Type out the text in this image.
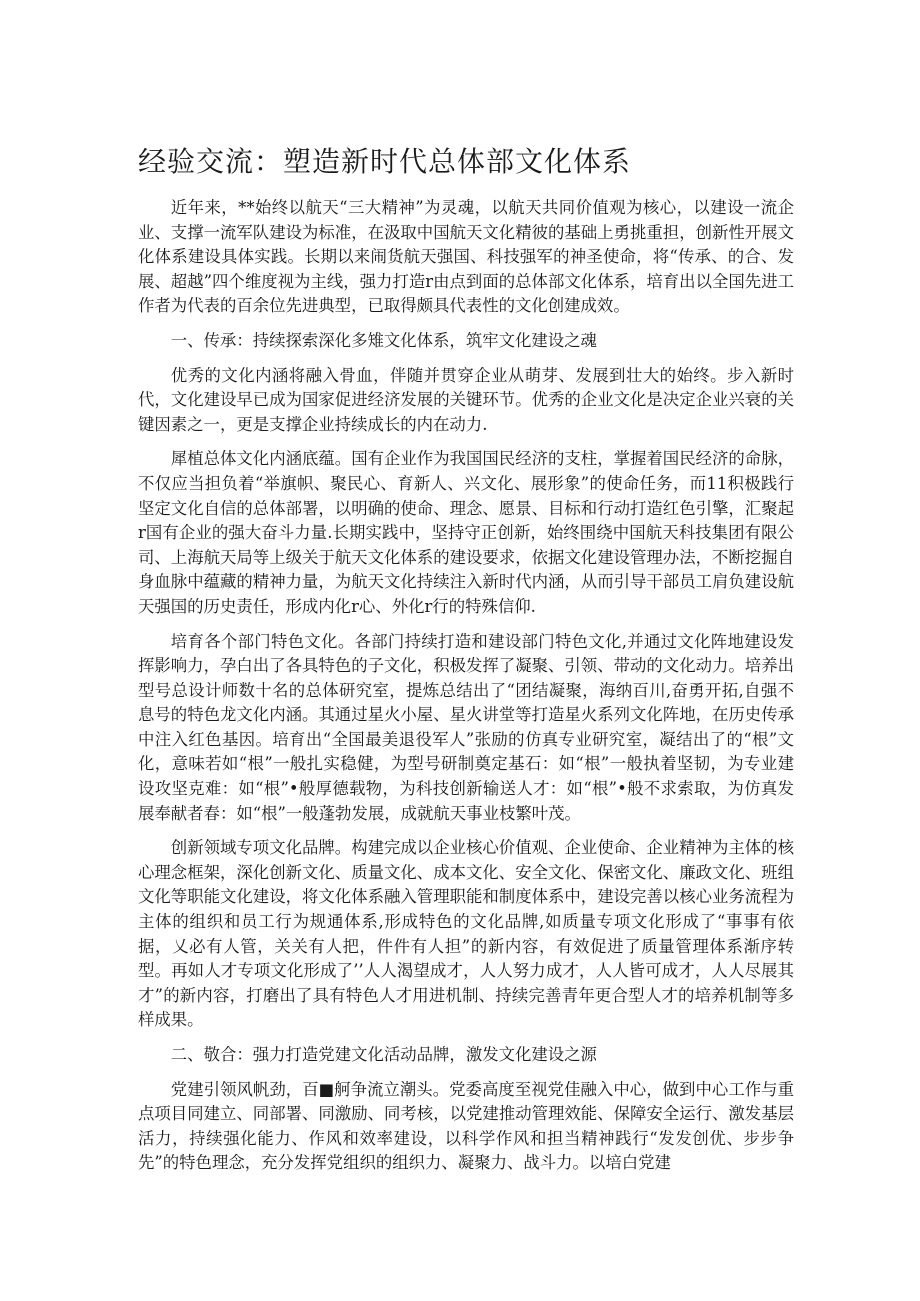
经验交流：塑造新时代总体部文化体系

近年来，**始终以航天“三大精神”为灵魂，以航天共同价值观为核心，以建设一流企业、支撑一流军队建设为标准，在汲取中国航天文化精彼的基础上勇挑重担，创新性开展文化体系建设具体实践。长期以来闹货航天强国、科技强军的神圣使命，将“传承、的合、发展、超越”四个维度视为主线，强力打造r由点到面的总体部文化体系，培育出以全国先进工作者为代表的百余位先进典型，已取得颇具代表性的文化创建成效。

一、传承：持续探索深化多雉文化体系，筑牢文化建设之魂

优秀的文化内涵将融入骨血，伴随并贯穿企业从萌芽、发展到壮大的始终。步入新时代，文化建设早已成为国家促进经济发展的关键环节。优秀的企业文化是决定企业兴衰的关键因素之一，更是支撑企业持续成长的内在动力.

犀植总体文化内涵底蕴。国有企业作为我国国民经济的支柱，掌握着国民经济的命脉，不仅应当担负着“举旗帜、聚民心、育新人、兴文化、展形象”的使命任务，而11积极践行坚定文化自信的总体部署，以明确的使命、理念、愿景、目标和行动打造红色引擎，汇聚起r国有企业的强大奋斗力量.长期实践中，坚持守正创新，始终围绕中国航天科技集团有限公司、上海航天局等上级关于航天文化体系的建设要求，依据文化建设管理办法，不断挖掘自身血脉中蕴藏的精神力量，为航天文化持续注入新时代内涵，从而引导干部员工肩负建设航天强国的历史责任，形成内化r心、外化r行的特殊信仰.

培育各个部门特色文化。各部门持续打造和建设部门特色文化,并通过文化阵地建设发挥影响力，孕白出了各具特色的子文化，积极发挥了凝聚、引领、带动的文化动力。培养出型号总设计师数十名的总体研究室，提炼总结出了“团结凝聚，海纳百川,奋勇开拓,自强不息号的特色龙文化内涵。其通过星火小屋、星火讲堂等打造星火系列文化阵地，在历史传承中注入红色基因。培育出“全国最美退役军人”张励的仿真专业研究室，凝结出了的“根”文化，意味若如“根”一般扎实稳健，为型号研制奠定基石：如“根”一般执着坚韧，为专业建设攻坚克难：如“根”•般厚德载物，为科技创新输送人才：如“根”•般不求索取，为仿真发展奉献者春：如“根”一般蓬勃发展，成就航天事业枝繁叶茂。

创新领域专项文化品牌。构建完成以企业核心价值观、企业使命、企业精神为主体的核心理念框架，深化创新文化、质量文化、成本文化、安全文化、保密文化、廉政文化、班组文化等职能文化建设，将文化体系融入管理职能和制度体系中，建设完善以核心业务流程为主体的组织和员工行为规通体系,形成特色的文化品牌,如质量专项文化形成了“事事有依据，乂必有人管，关关有人把，件件有人担”的新内容，有效促进了质量管理体系渐序转型。再如人才专项文化形成了’’人人渴望成才，人人努力成才，人人皆可成才，人人尽展其才”的新内容，打磨出了具有特色人才用进机制、持续完善青年更合型人才的培养机制等多样成果。

二、敬合：强力打造党建文化活动品牌，激发文化建设之源

党建引领风帆劲，百■舸争流立潮头。党委高度至视党佳融入中心，做到中心工作与重点项目同建立、同部署、同激励、同考核，以党建推动管理效能、保障安全运行、激发基层活力，持续强化能力、作风和效率建设，以科学作风和担当精神践行“发发创优、步步争先”的特色理念，充分发挥党组织的组织力、凝聚力、战斗力。以培白党建
